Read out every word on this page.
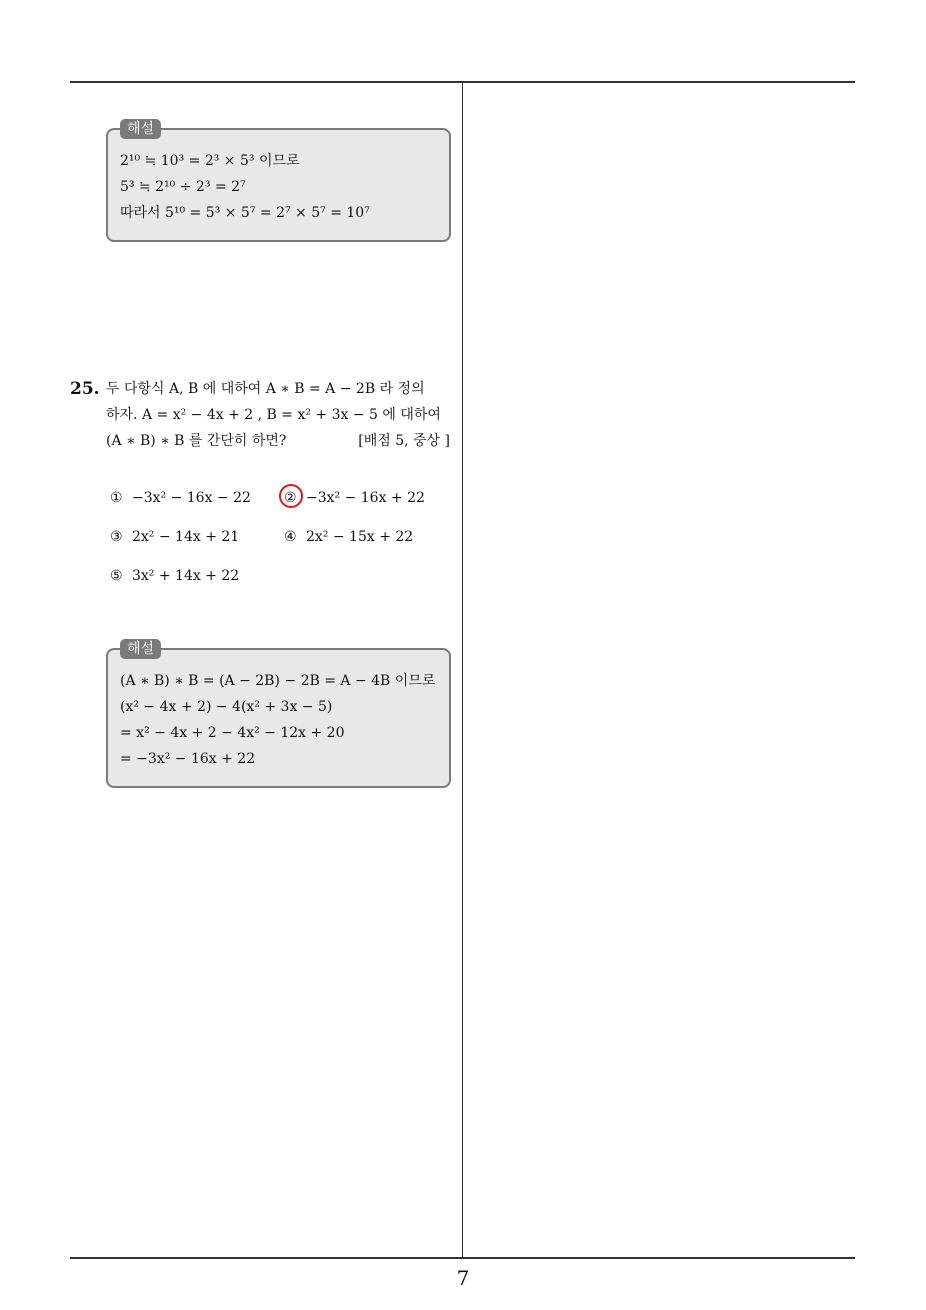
해설
2¹⁰ ≒ 10³ = 2³ × 5³ 이므로
5³ ≒ 2¹⁰ ÷ 2³ = 2⁷
따라서 5¹⁰ = 5³ × 5⁷ = 2⁷ × 5⁷ = 10⁷
25. 두 다항식 A, B 에 대하여 A ∗ B = A − 2B 라 정의
하자. A = x² − 4x + 2 , B = x² + 3x − 5 에 대하여
(A ∗ B) ∗ B 를 간단히 하면?	[배점 5, 중상 ]
① −3x² − 16x − 22 ② −3x² − 16x + 22
③ 2x² − 14x + 21	④ 2x² − 15x + 22
⑤ 3x² + 14x + 22
해설
(A ∗ B) ∗ B = (A − 2B) − 2B = A − 4B 이므로
(x² − 4x + 2) − 4(x² + 3x − 5)
= x² − 4x + 2 − 4x² − 12x + 20
= −3x² − 16x + 22
7
